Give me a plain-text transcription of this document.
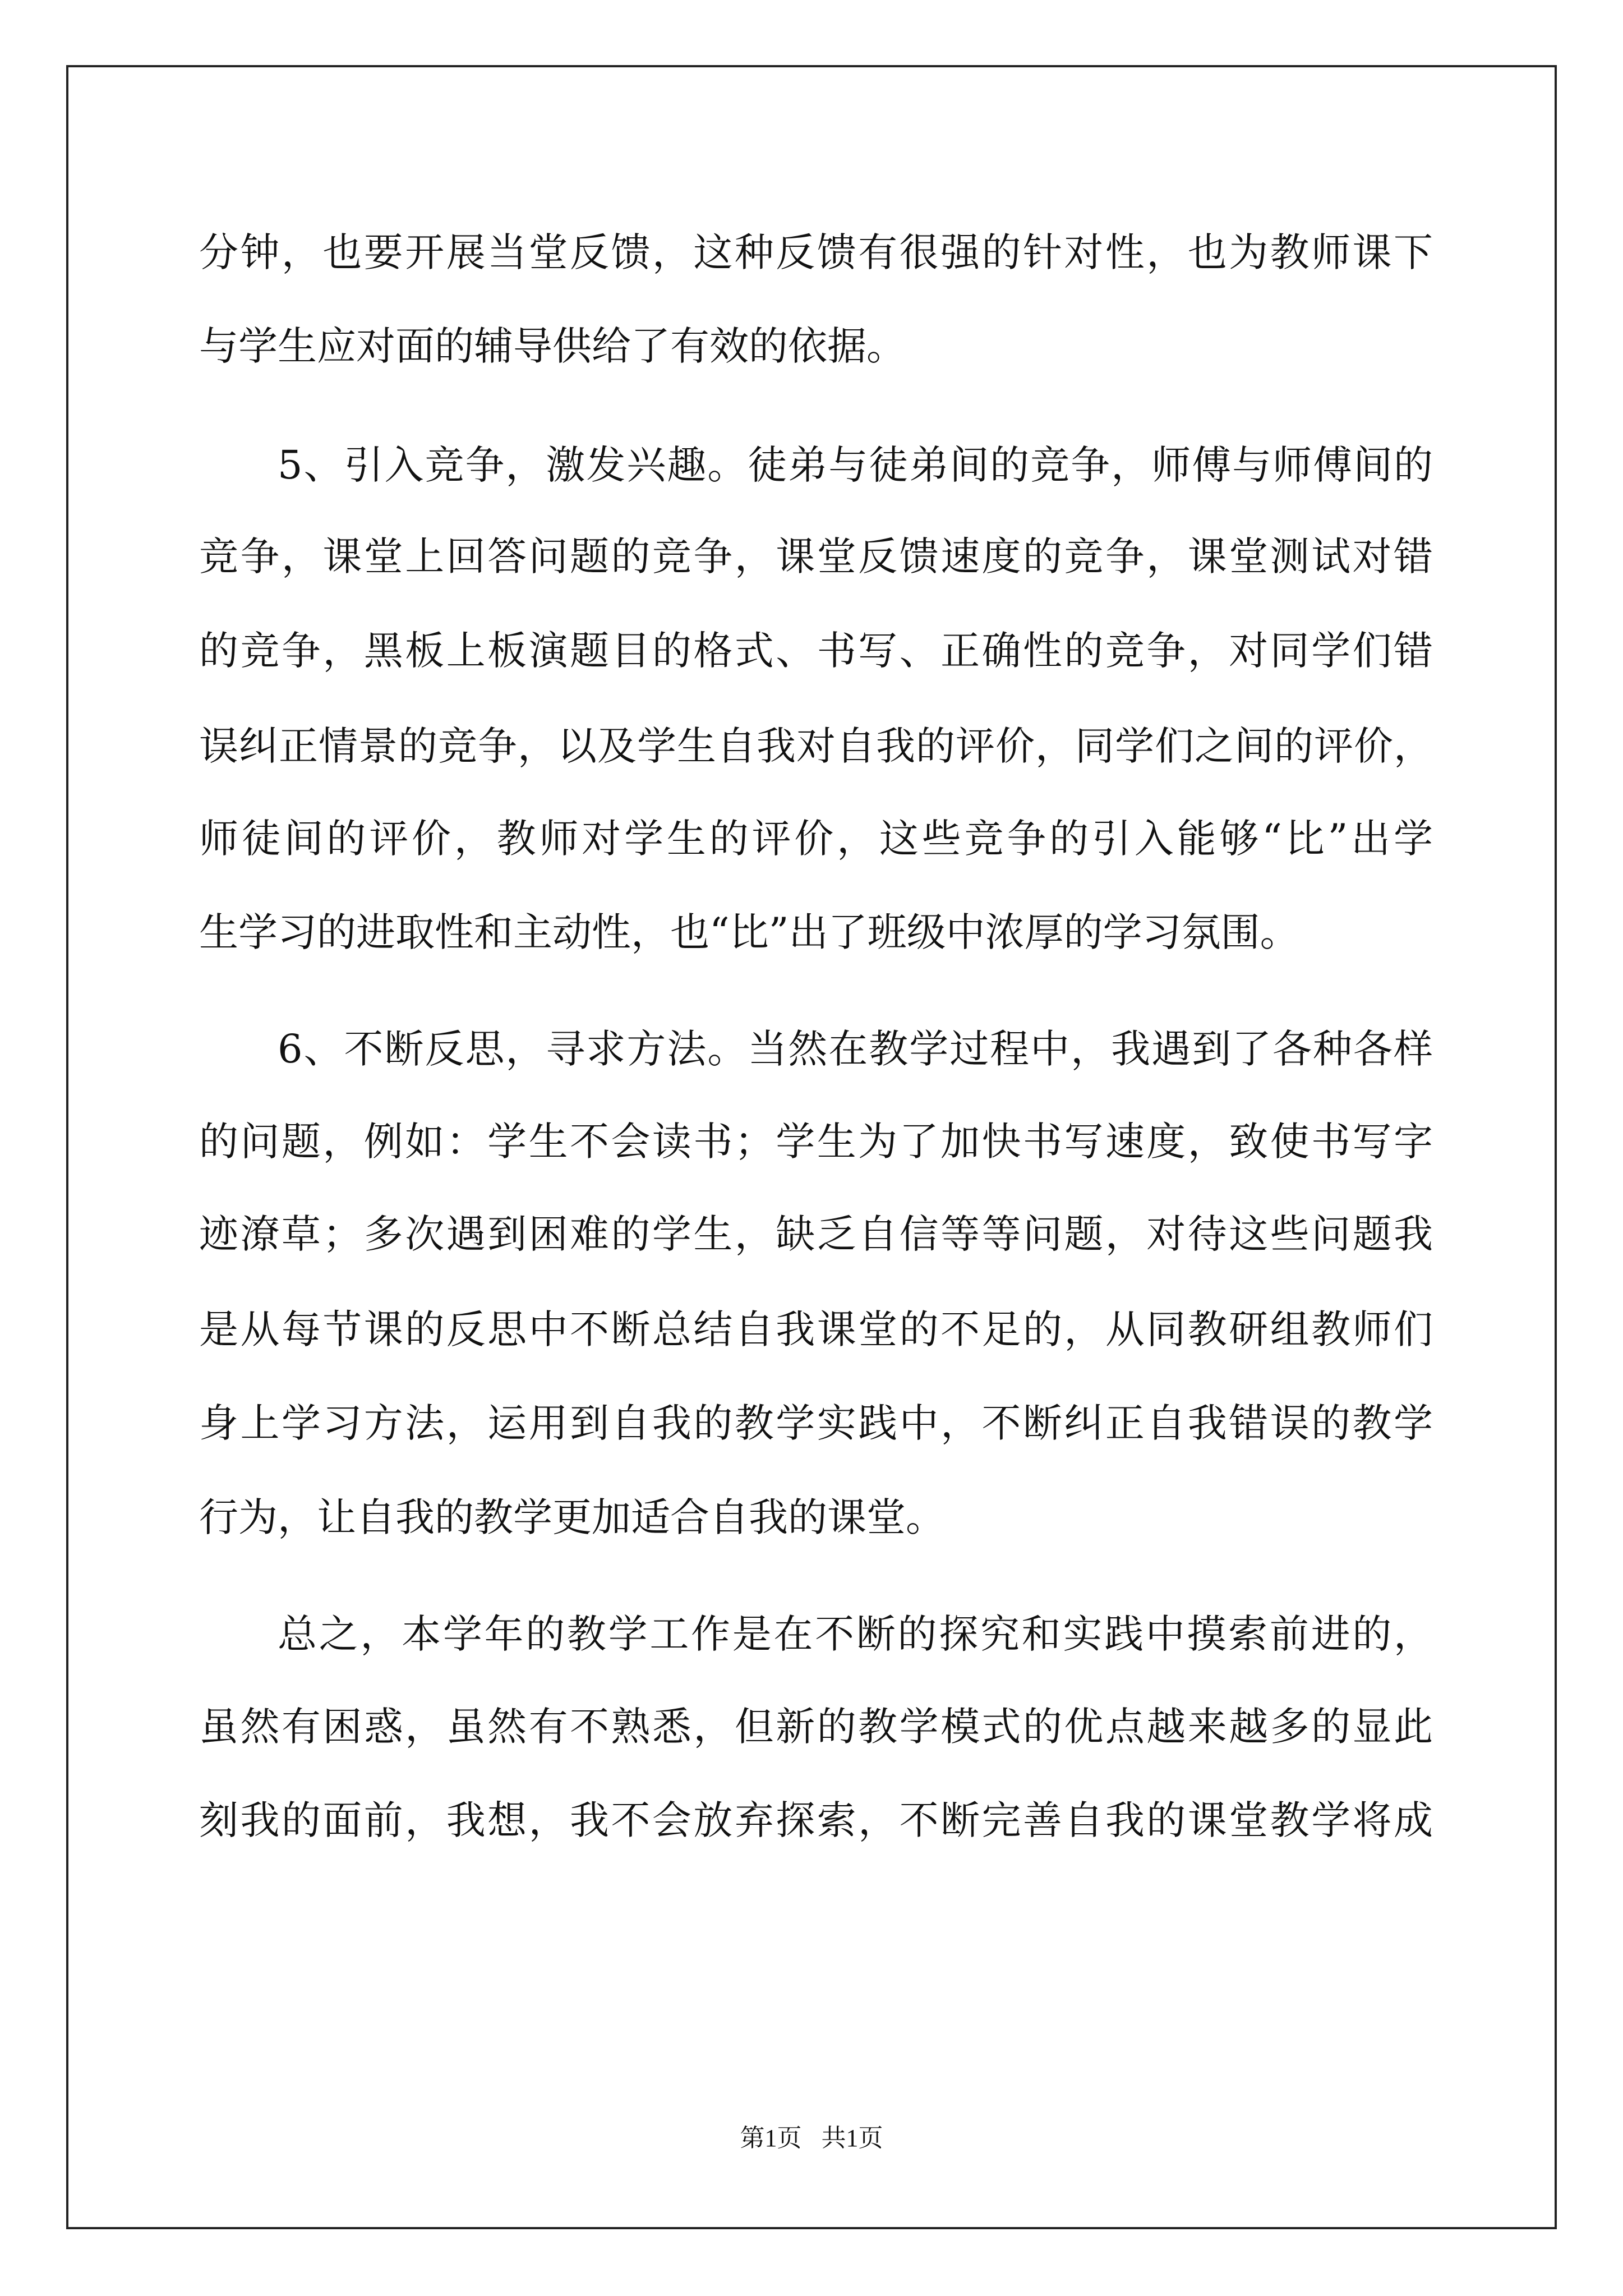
分钟，也要开展当堂反馈，这种反馈有很强的针对性，也为教师课下
与学生应对面的辅导供给了有效的依据。
5、引入竞争，激发兴趣。徒弟与徒弟间的竞争，师傅与师傅间的
竞争，课堂上回答问题的竞争，课堂反馈速度的竞争，课堂测试对错
的竞争，黑板上板演题目的格式、书写、正确性的竞争，对同学们错
误纠正情景的竞争，以及学生自我对自我的评价，同学们之间的评价，
师徒间的评价，教师对学生的评价，这些竞争的引入能够“比”出学
生学习的进取性和主动性，也“比”出了班级中浓厚的学习氛围。
6、不断反思，寻求方法。当然在教学过程中，我遇到了各种各样
的问题，例如：学生不会读书；学生为了加快书写速度，致使书写字
迹潦草；多次遇到困难的学生，缺乏自信等等问题，对待这些问题我
是从每节课的反思中不断总结自我课堂的不足的，从同教研组教师们
身上学习方法，运用到自我的教学实践中，不断纠正自我错误的教学
行为，让自我的教学更加适合自我的课堂。
总之，本学年的教学工作是在不断的探究和实践中摸索前进的，
虽然有困惑，虽然有不熟悉，但新的教学模式的优点越来越多的显此
刻我的面前，我想，我不会放弃探索，不断完善自我的课堂教学将成
第1页 共1页
